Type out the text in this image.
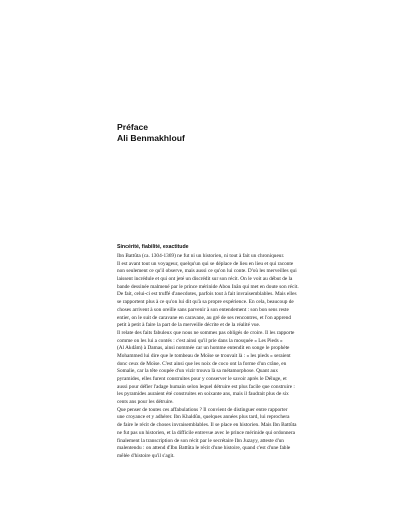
Préface
Ali Benmakhlouf
Sincérité, fiabilité, exactitude
Ibn Battûta (ca. 1304-1369) ne fut ni un historien, ni tout à fait un chroniqueur.
Il est avant tout un voyageur, quelqu'un qui se déplace de lieu en lieu et qui raconte
non seulement ce qu'il observe, mais aussi ce qu'on lui conte. D'où les merveilles qui
laissent incrédule et qui ont jeté un discrédit sur son récit. On le voit au début de la
bande dessinée malmené par le prince mérinide Abou Inân qui met en doute son récit.
De fait, celui-ci est truffé d'anecdotes, parfois tout à fait invraisemblables. Mais elles
se rapportent plus à ce qu'on lui dit qu'à sa propre expérience. En cela, beaucoup de
choses arrivent à son oreille sans parvenir à son entendement : son bon sens reste
entier, on le suit de caravane en caravane, au gré de ses rencontres, et l'on apprend
petit à petit à faire la part de la merveille décrite et de la réalité vue.
Il relate des faits fabuleux que nous ne sommes pas obligés de croire. Il les rapporte
comme on les lui a contés : c'est ainsi qu'il prie dans la mosquée « Les Pieds »
(Al Akdâm) à Damas, ainsi nommée car un homme entendit en songe le prophète
Mohammed lui dire que le tombeau de Moïse se trouvait là : « les pieds » seraient
donc ceux de Moïse. C'est ainsi que les noix de coco ont la forme d'un crâne, en
Somalie, car la tête coupée d'un vizir trouva là sa métamorphose. Quant aux
pyramides, elles furent construites pour y conserver le savoir après le Déluge, et
aussi pour défier l'adage humain selon lequel détruire est plus facile que construire :
les pyramides auraient été construites en soixante ans, mais il faudrait plus de six
cents ans pour les détruire.
Que penser de toutes ces affabulations ? Il convient de distinguer entre rapporter
une croyance et y adhérer. Ibn Khaldûn, quelques années plus tard, lui reprochera
de faire le récit de choses invraisemblables. Il se place en historien. Mais Ibn Battûta
ne fut pas un historien, et la difficile entrevue avec le prince mérinide qui ordonnera
finalement la transcription de son récit par le secrétaire Ibn Juzayy, atteste d'un
malentendu : on attend d'Ibn Battûta le récit d'une histoire, quand c'est d'une fable
mêlée d'histoire qu'il s'agit.
